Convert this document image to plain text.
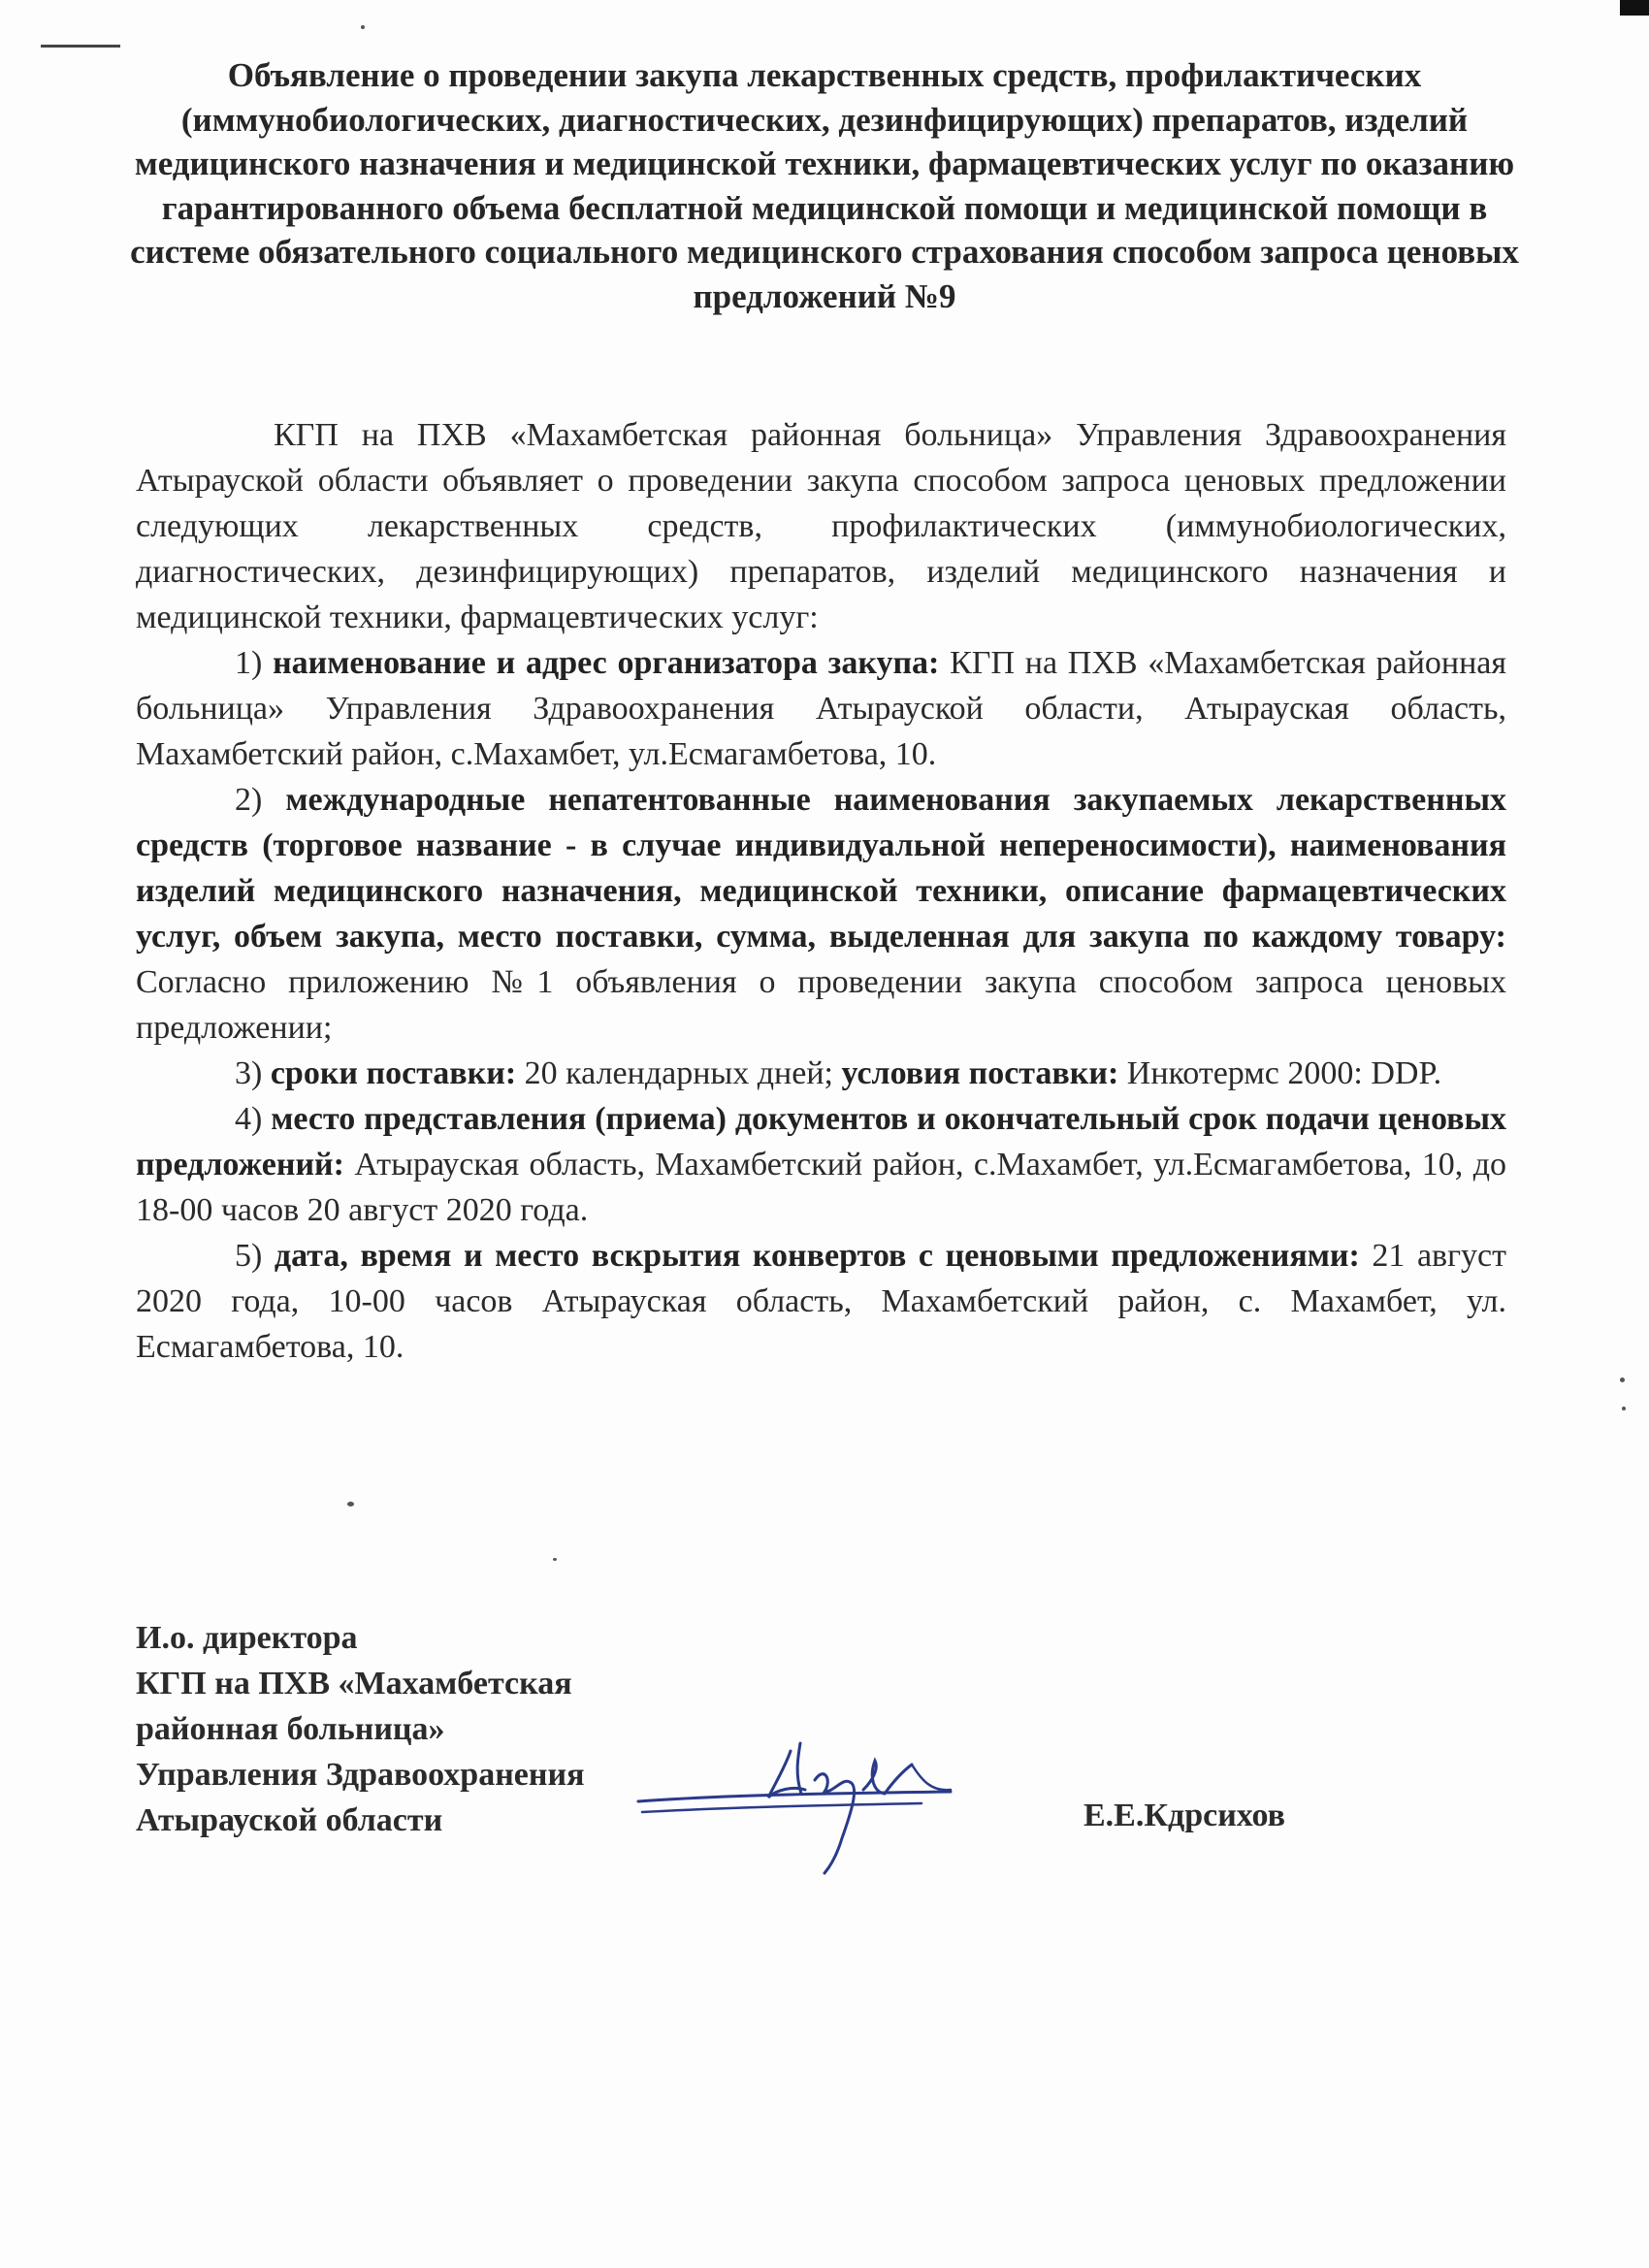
Объявление о проведении закупа лекарственных средств, профилактических (иммунобиологических, диагностических, дезинфицирующих) препаратов, изделий медицинского назначения и медицинской техники, фармацевтических услуг по оказанию гарантированного объема бесплатной медицинской помощи и медицинской помощи в системе обязательного социального медицинского страхования способом запроса ценовых предложений №9

КГП на ПХВ «Махамбетская районная больница» Управления Здравоохранения Атырауской области объявляет о проведении закупа способом запроса ценовых предложении следующих лекарственных средств, профилактических (иммунобиологических, диагностических, дезинфицирующих) препаратов, изделий медицинского назначения и медицинской техники, фармацевтических услуг:

1) наименование и адрес организатора закупа: КГП на ПХВ «Махамбетская районная больница» Управления Здравоохранения Атырауской области, Атырауская область, Махамбетский район, с.Махамбет, ул.Есмагамбетова, 10.

2) международные непатентованные наименования закупаемых лекарственных средств (торговое название - в случае индивидуальной непереносимости), наименования изделий медицинского назначения, медицинской техники, описание фармацевтических услуг, объем закупа, место поставки, сумма, выделенная для закупа по каждому товару: Согласно приложению №1 объявления о проведении закупа способом запроса ценовых предложении;

3) сроки поставки: 20 календарных дней; условия поставки: Инкотермс 2000: DDP.

4) место представления (приема) документов и окончательный срок подачи ценовых предложений: Атырауская область, Махамбетский район, с.Махамбет, ул.Есмагамбетова, 10, до 18-00 часов 20 август 2020 года.

5) дата, время и место вскрытия конвертов с ценовыми предложениями: 21 август 2020 года, 10-00 часов Атырауская область, Махамбетский район, с. Махамбет, ул. Есмагамбетова, 10.

И.о. директора
КГП на ПХВ «Махамбетская
районная больница»
Управления Здравоохранения
Атырауской области	Е.Е.Кдрсихов
